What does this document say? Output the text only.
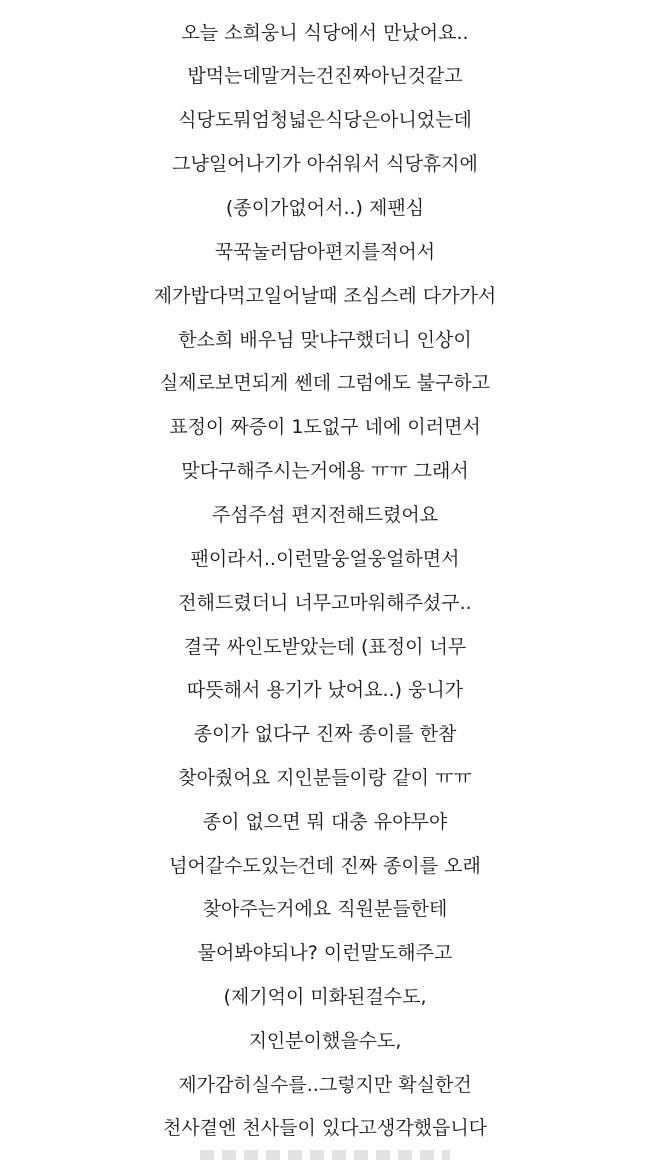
오늘 소희웅니 식당에서 만났어요..
밥먹는데말거는건진짜아닌것같고
식당도뭐엄청넓은식당은아니었는데
그냥일어나기가 아쉬워서 식당휴지에
(종이가없어서..) 제팬심
꾹꾹눌러담아편지를적어서
제가밥다먹고일어날때 조심스레 다가가서
한소희 배우님 맞냐구했더니 인상이
실제로보면되게 쎈데 그럼에도 불구하고
표정이 짜증이 1도없구 네에 이러면서
맞다구해주시는거에용 ㅠㅠ 그래서
주섬주섬 편지전해드렸어요
팬이라서..이런말웅얼웅얼하면서
전해드렸더니 너무고마워해주셨구..
결국 싸인도받았는데 (표정이 너무
따뜻해서 용기가 났어요..) 웅니가
종이가 없다구 진짜 종이를 한참
찾아줬어요 지인분들이랑 같이 ㅠㅠ
종이 없으면 뭐 대충 유야무야
넘어갈수도있는건데 진짜 종이를 오래
찾아주는거에요 직원분들한테
물어봐야되나? 이런말도해주고
(제기억이 미화된걸수도,
지인분이했을수도,
제가감히실수를..그렇지만 확실한건
천사곁엔 천사들이 있다고생각했읍니다
